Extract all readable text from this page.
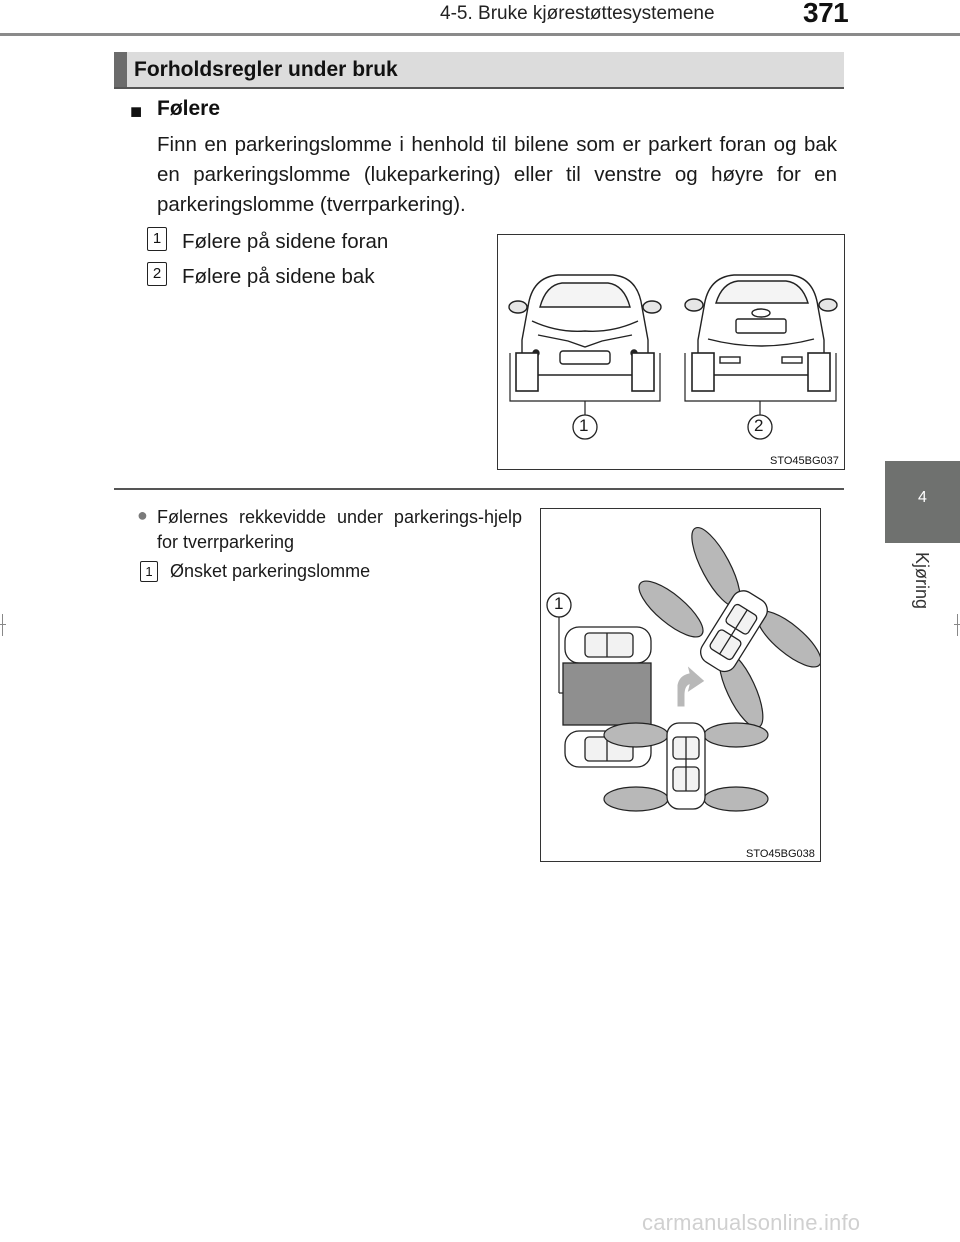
4-5. Bruke kjørestøttesystemene	371
4
Kjøring
Forholdsregler under bruk
■ Følere
Finn en parkeringslomme i henhold til bilene som er parkert foran og bak en parkeringslomme (lukeparkering) eller til venstre og høyre for en parkeringslomme (tverrparkering).
1 Følere på sidene foran
2 Følere på sidene bak
1	2
STO45BG037
● Følernes rekkevidde under parkerings-hjelp for tverrparkering
1 Ønsket parkeringslomme
1
STO45BG038
carmanualsonline.info
